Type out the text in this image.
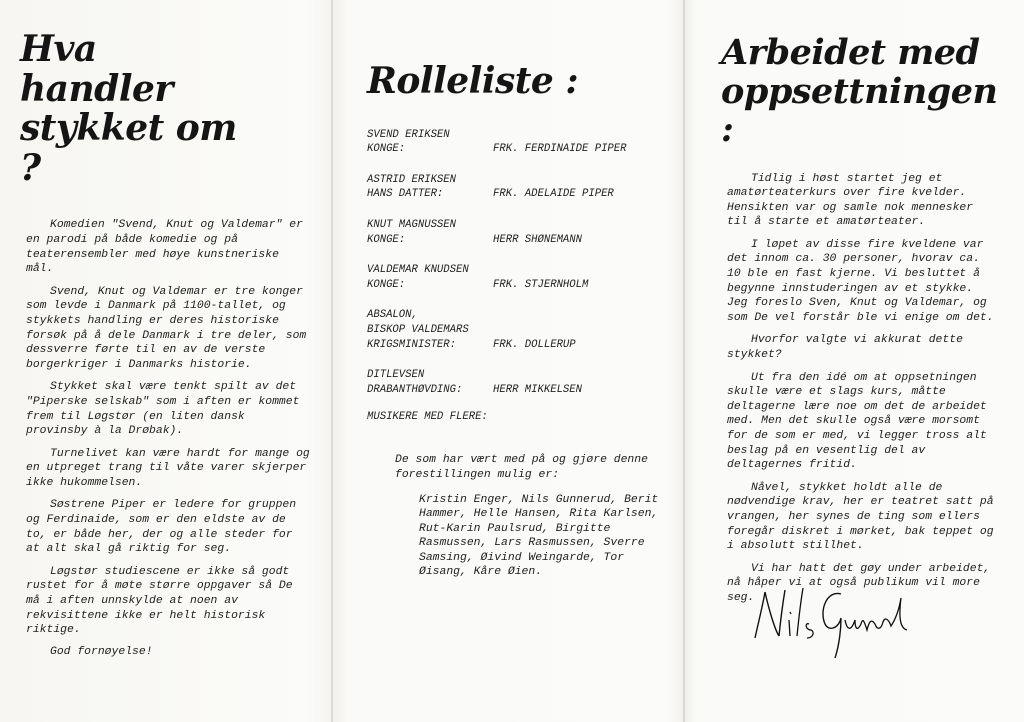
Hva handler
stykket om ?

Komedien "Svend, Knut og Valdemar" er en parodi på både komedie og på teaterensembler med høye kunstneriske mål.

Svend, Knut og Valdemar er tre konger som levde i Danmark på 1100-tallet, og stykkets handling er deres historiske forsøk på å dele Danmark i tre deler, som dessverre førte til en av de verste borgerkriger i Danmarks historie.

Stykket skal være tenkt spilt av det "Piperske selskab" som i aften er kommet frem til Løgstør (en liten dansk provinsby à la Drøbak).

Turnelivet kan være hardt for mange og en utpreget trang til våte varer skjerper ikke hukommelsen.

Søstrene Piper er ledere for gruppen og Ferdinaide, som er den eldste av de to, er både her, der og alle steder for at alt skal gå riktig for seg.

Løgstør studiescene er ikke så godt rustet for å møte større oppgaver så De må i aften unnskylde at noen av rekvisittene ikke er helt historisk riktige.

God fornøyelse!

Rolleliste :
SVEND ERIKSEN
KONGE:	FRK. FERDINAIDE PIPER
ASTRID ERIKSEN
HANS DATTER:	FRK. ADELAIDE PIPER
KNUT MAGNUSSEN
KONGE:	HERR SHØNEMANN
VALDEMAR KNUDSEN
KONGE:	FRK. STJERNHOLM
ABSALON,
BISKOP VALDEMARS
KRIGSMINISTER:	FRK. DOLLERUP
DITLEVSEN
DRABANTHØVDING:	HERR MIKKELSEN
MUSIKERE MED FLERE:

De som har vært med på og gjøre denne forestillingen mulig er:

Kristin Enger, Nils Gunnerud, Berit Hammer, Helle Hansen, Rita Karlsen, Rut-Karin Paulsrud, Birgitte Rasmussen, Lars Rasmussen, Sverre Samsing, Øivind Weingarde, Tor Øisang, Kåre Øien.

Arbeidet med
oppsettningen :

Tidlig i høst startet jeg et amatørteaterkurs over fire kvelder. Hensikten var og samle nok mennesker til å starte et amatørteater.

I løpet av disse fire kveldene var det innom ca. 30 personer, hvorav ca. 10 ble en fast kjerne. Vi besluttet å begynne innstuderingen av et stykke. Jeg foreslo Sven, Knut og Valdemar, og som De vel forstår ble vi enige om det.

Hvorfor valgte vi akkurat dette stykket?

Ut fra den idé om at oppsetningen skulle være et slags kurs, måtte deltagerne lære noe om det de arbeidet med. Men det skulle også være morsomt for de som er med, vi legger tross alt beslag på en vesentlig del av deltagernes fritid.

Nåvel, stykket holdt alle de nødvendige krav, her er teatret satt på vrangen, her synes de ting som ellers foregår diskret i mørket, bak teppet og i absolutt stillhet.

Vi har hatt det gøy under arbeidet, nå håper vi at også publikum vil more seg.
